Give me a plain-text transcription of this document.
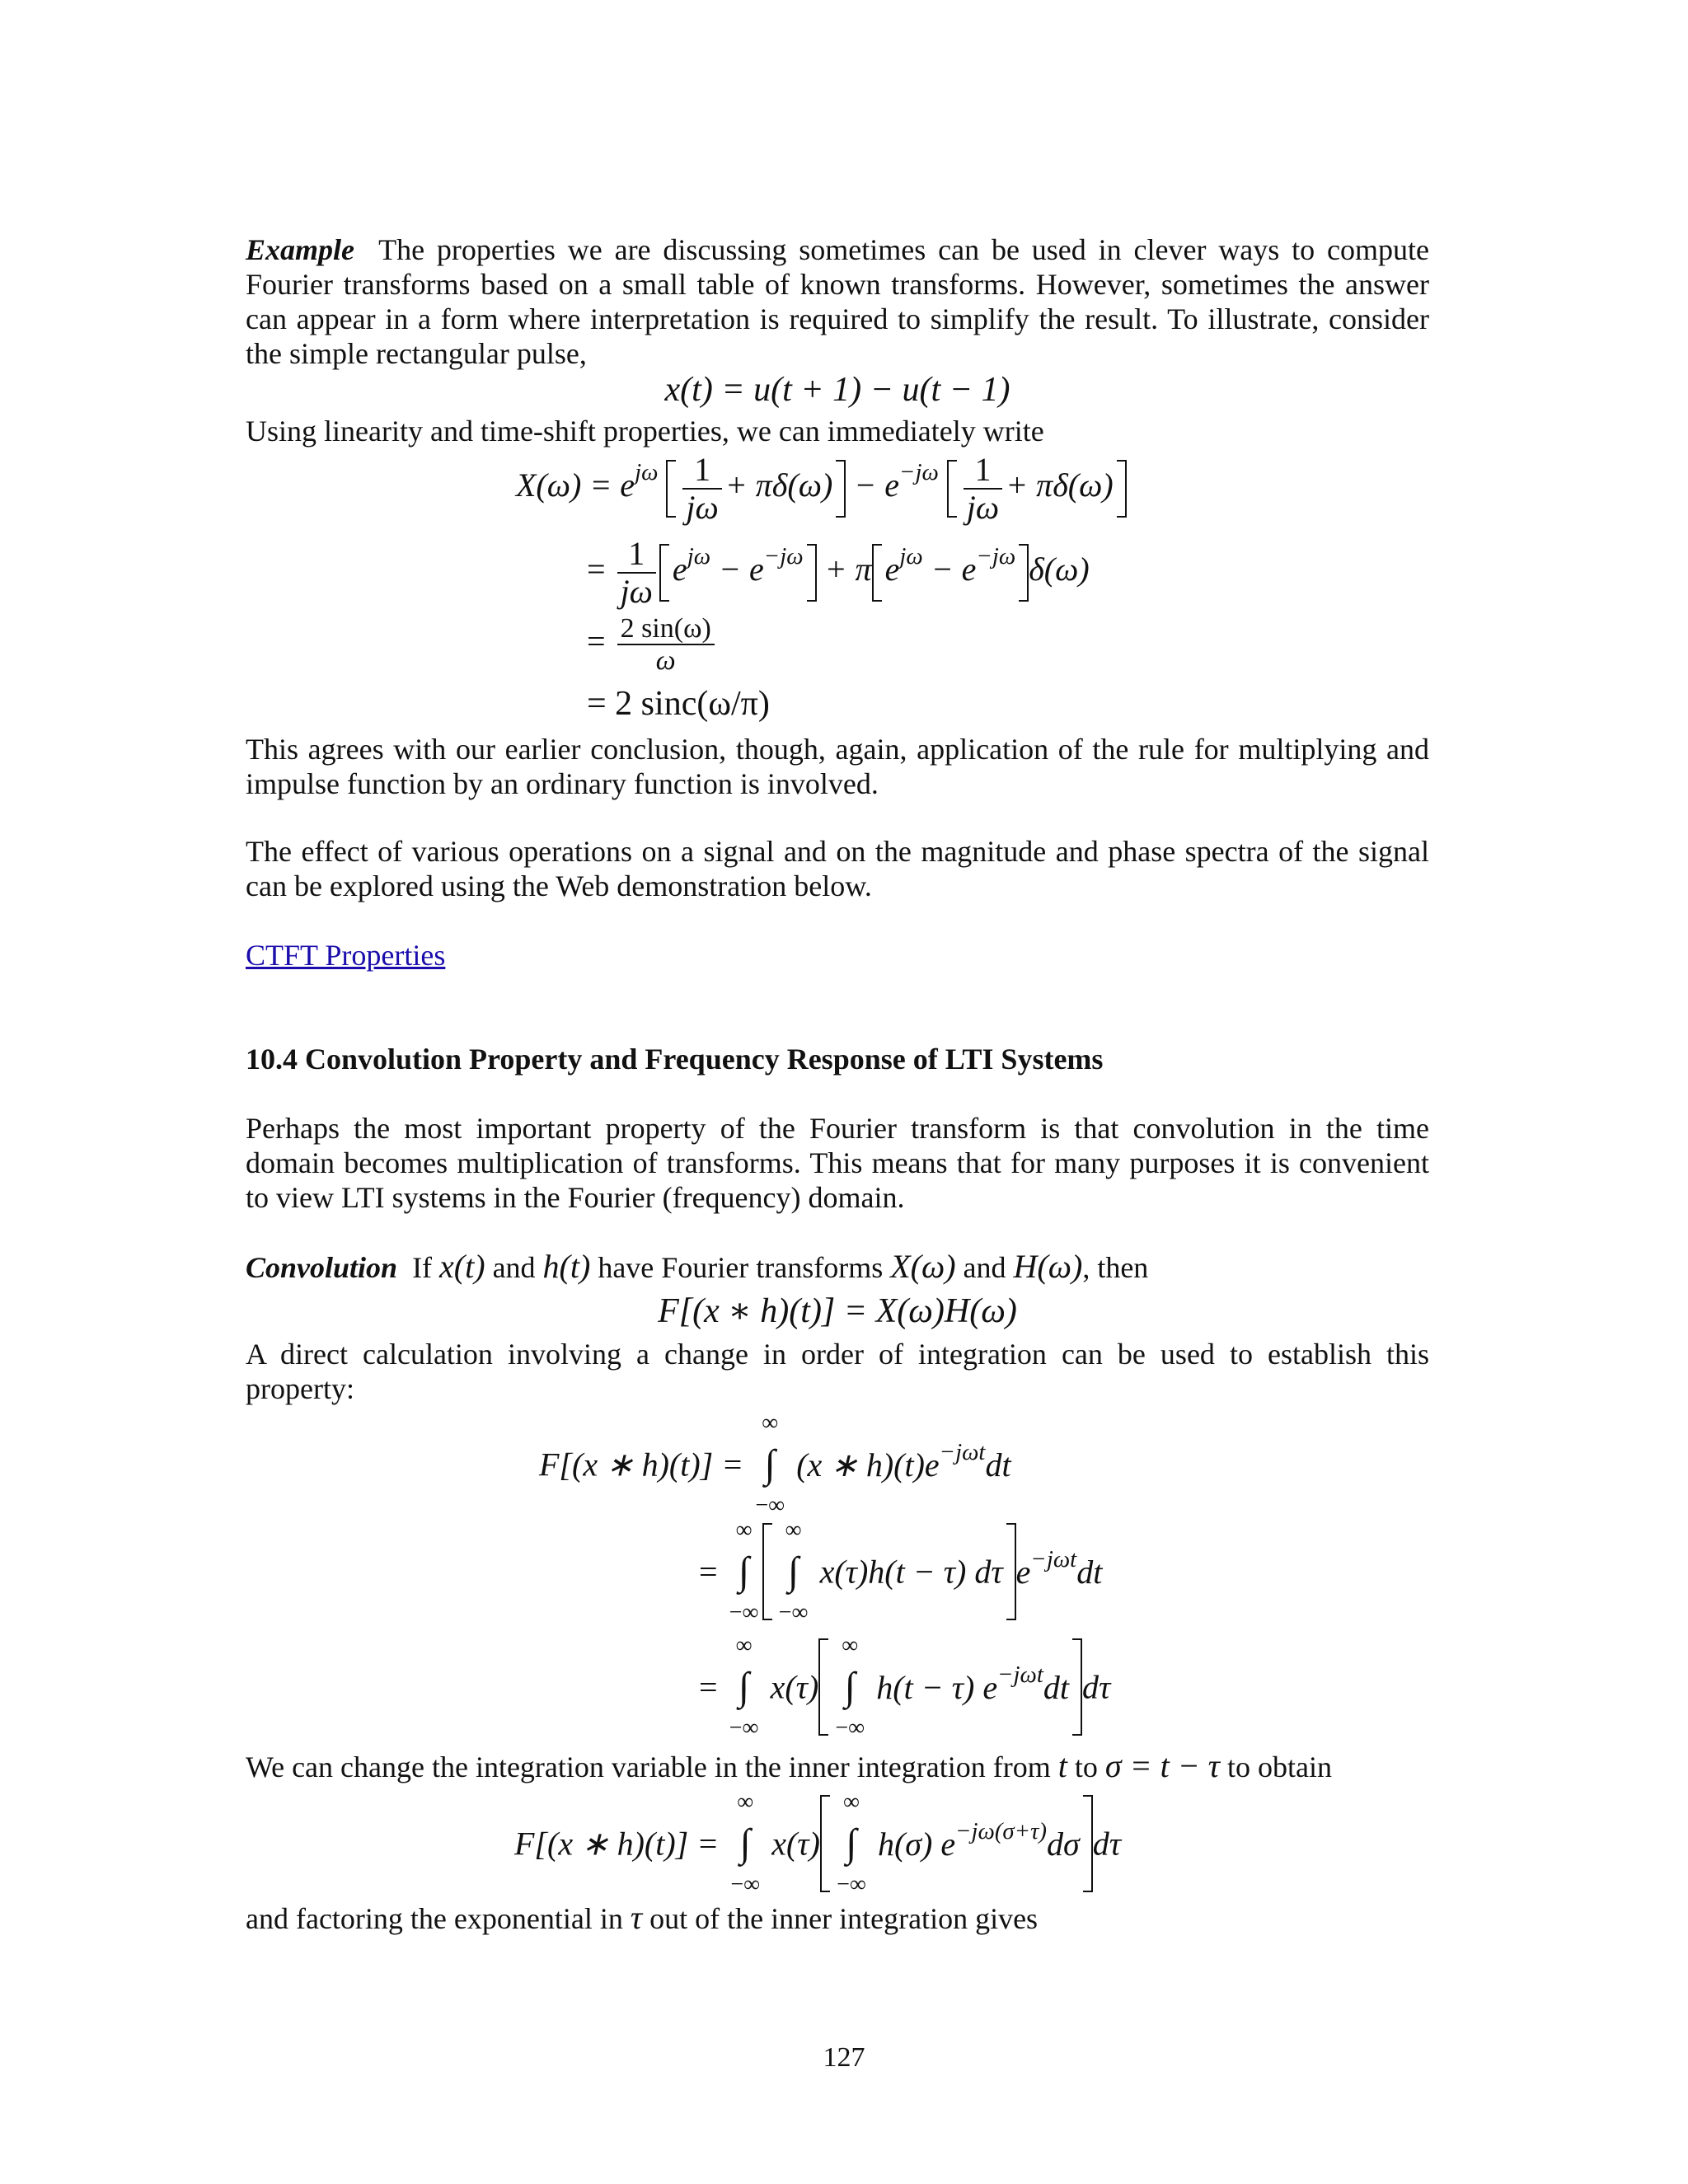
Example The properties we are discussing sometimes can be used in clever ways to compute Fourier transforms based on a small table of known transforms. However, sometimes the answer can appear in a form where interpretation is required to simplify the result. To illustrate, consider the simple rectangular pulse,

x(t) = u(t + 1) − u(t − 1)

Using linearity and time-shift properties, we can immediately write

$X(\omega) = e^{j\omega} \frac{1}{j\omega} + \pi\delta(\omega) - e^{-j\omega} \frac{1}{j\omega} + \pi\delta(\omega)$
= $\frac{1}{j\omega} e^{j\omega} - e^{-j\omega} + \pi$ $e^{j\omega} - e^{-j\omega}$ δ(ω)
= $\frac{2 \sin(\omega)}{\omega}$
= 2 sinc(ω/π)

This agrees with our earlier conclusion, though, again, application of the rule for multiplying and impulse function by an ordinary function is involved.

The effect of various operations on a signal and on the magnitude and phase spectra of the signal can be explored using the Web demonstration below.

CTFT Properties

10.4 Convolution Property and Frequency Response of LTI Systems

Perhaps the most important property of the Fourier transform is that convolution in the time domain becomes multiplication of transforms. This means that for many purposes it is convenient to view LTI systems in the Fourier (frequency) domain.

Convolution If x(t) and h(t) have Fourier transforms X(ω) and H(ω), then

F[(x ∗ h)(t)] = X(ω)H(ω)

A direct calculation involving a change in order of integration can be used to establish this property:

F[(x ∗ h)(t)] =
∞
∫
−∞
(x ∗ $h)(t)e^{-j\omega t}dt$
=
∞
∫
−∞
∞
∫
−∞
x(τ)h(t − τ) dτ $e^{-j\omega t}dt$
=
∞
∫
−∞
x(τ)
∞
∫
−∞
h(t − τ) $e^{-j\omega t}dt$ dτ

We can change the integration variable in the inner integration from t to σ = t − τ to obtain

F[(x ∗ h)(t)] =
∞
∫
−∞
x(τ)
∞
∫
−∞
h(σ) $e^{-j\omega(\sigma+\tau)}d\sigma$ dτ

and factoring the exponential in τ out of the inner integration gives

127
